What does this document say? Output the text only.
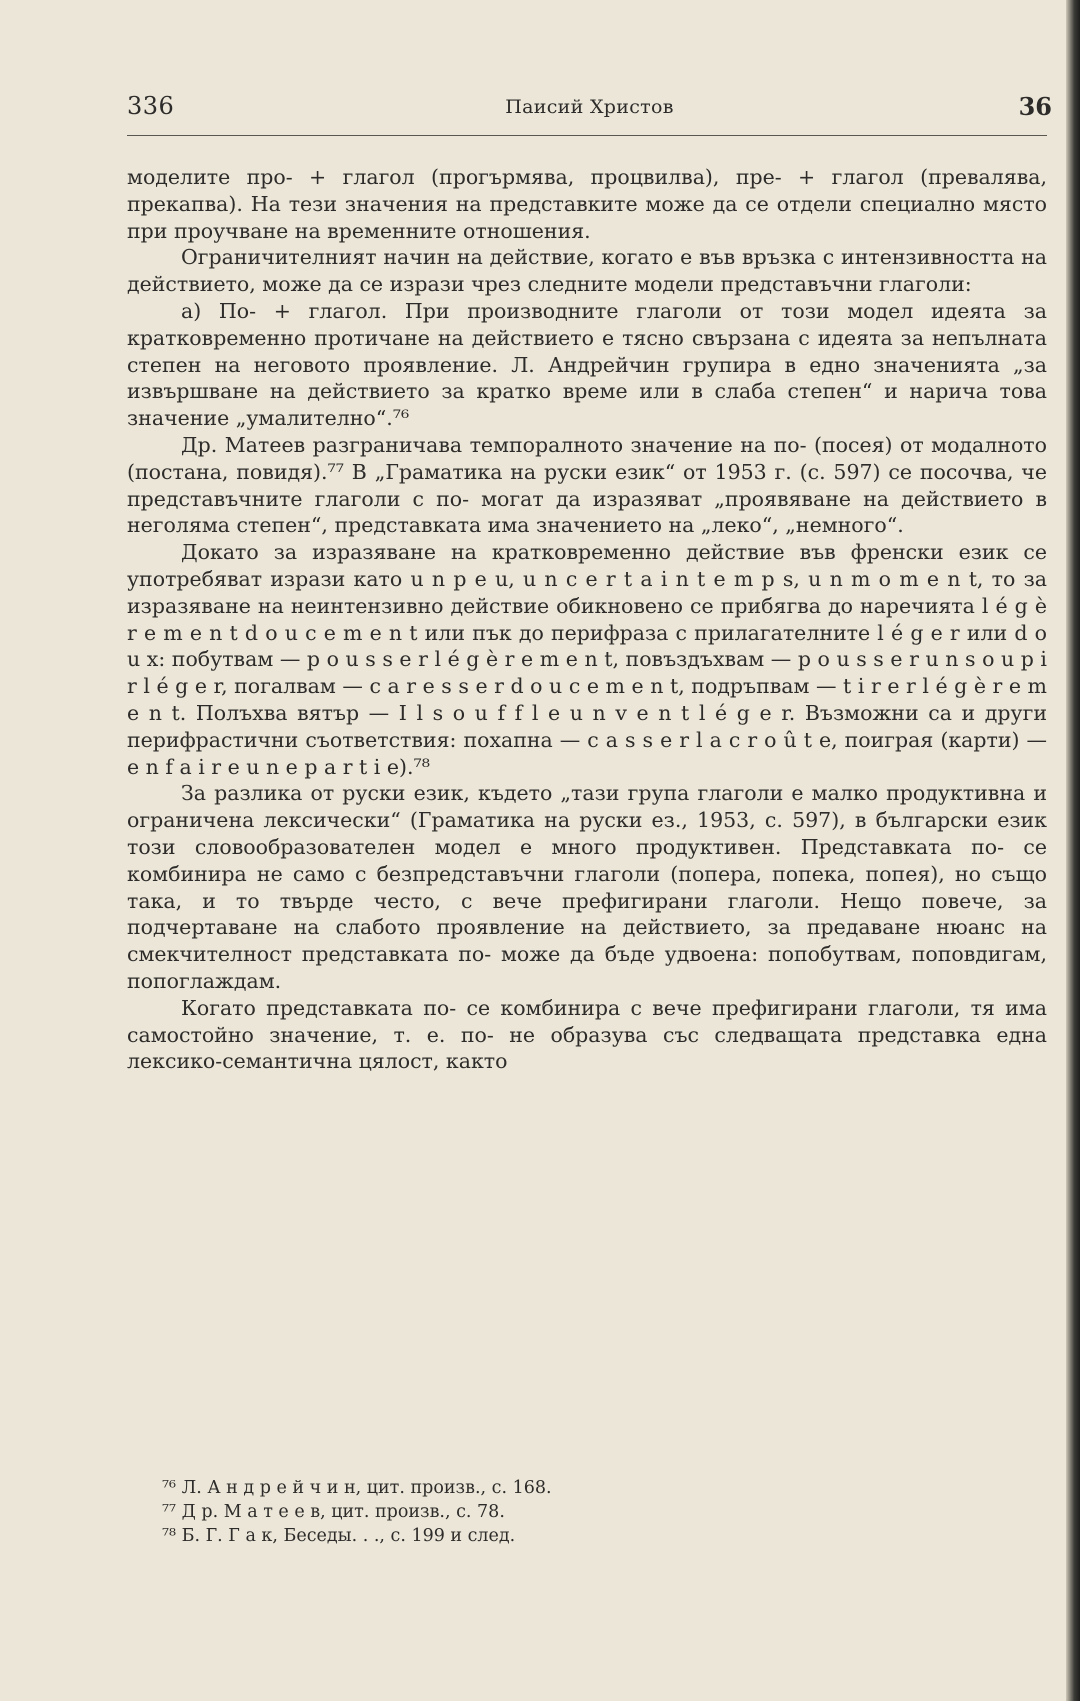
336	Паисий Христов	36

моделите про- + глагол (прогърмява, процвилва), пре- + глагол (превалява, прекапва). На тези значения на представките може да се отдели специално място при проучване на временните отношения.

Ограничителният начин на действие, когато е във връзка с интензивността на действието, може да се изрази чрез следните модели представъчни глаголи:

а) По- + глагол. При производните глаголи от този модел идеята за кратковременно протичане на действието е тясно свързана с идеята за непълната степен на неговото проявление. Л. Андрейчин групира в едно значенията „за извършване на действието за кратко време или в слаба степен“ и нарича това значение „умалително“.⁷⁶

Др. Матеев разграничава темпоралното значение на по- (посея) от модалното (постана, повидя).⁷⁷ В „Граматика на руски език“ от 1953 г. (с. 597) се посочва, че представъчните глаголи с по- могат да изразяват „проявяване на действието в неголяма степен“, представката има значението на „леко“, „немного“.

Докато за изразяване на кратковременно действие във френски език се употребяват изрази като u n p e u, u n c e r t a i n t e m p s, u n m o m e n t, то за изразяване на неинтензивно действие обикновено се прибягва до наречията l é g è r e m e n t d o u c e m e n t или пък до перифраза с прилагателните l é g e r или d o u x: побутвам — p o u s s e r l é g è r e m e n t, повъздъхвам — p o u s s e r u n s o u p i r l é g e r, погалвам — c a r e s s e r d o u c e m e n t, подръпвам — t i r e r l é g è r e m e n t. Полъхва вятър — I l s o u f f l e u n v e n t l é g e r. Възможни са и други перифрастични съответствия: похапна — c a s s e r l a c r o û t e, поиграя (карти) — e n f a i r e u n e p a r t i e).⁷⁸

За разлика от руски език, където „тази група глаголи е малко продуктивна и ограничена лексически“ (Граматика на руски ез., 1953, с. 597), в български език този словообразователен модел е много продуктивен. Представката по- се комбинира не само с безпредставъчни глаголи (попера, попека, попея), но също така, и то твърде често, с вече префигирани глаголи. Нещо повече, за подчертаване на слабото проявление на действието, за предаване нюанс на смекчителност представката по- може да бъде удвоена: попобутвам, поповдигам, попоглаждам.

Когато представката по- се комбинира с вече префигирани глаголи, тя има самостойно значение, т. е. по- не образува със следващата представка една лексико-семантична цялост, както

⁷⁶ Л. А н д р е й ч и н, цит. произв., с. 168.
⁷⁷ Д р. М а т е е в, цит. произв., с. 78.
⁷⁸ Б. Г. Г а к, Беседы. . ., с. 199 и след.
